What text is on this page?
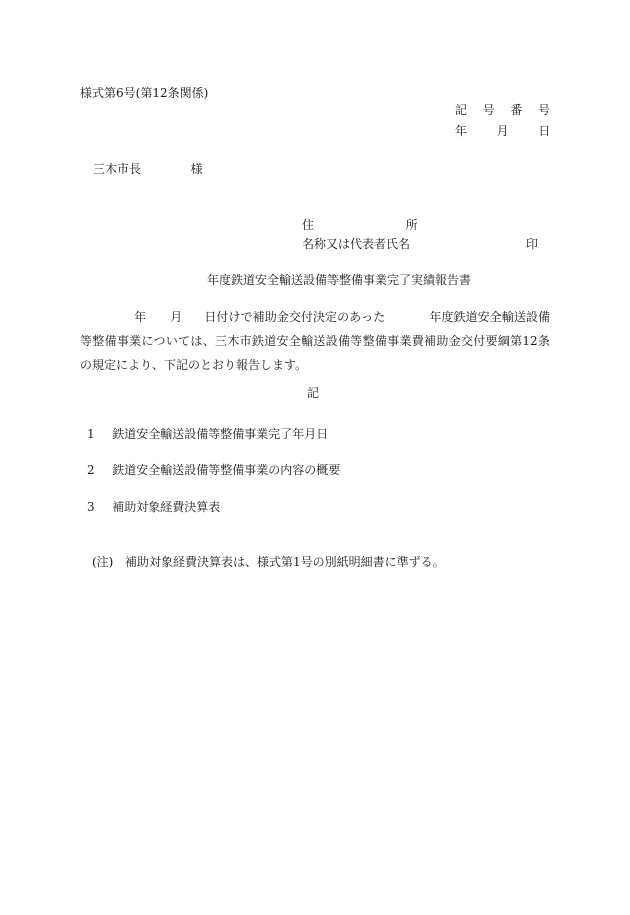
様式第6号(第12条関係)
記 号 番 号
年 月 日
三木市長	様
住	所
名称又は代表者氏名	印
年度鉄道安全輸送設備等整備事業完了実績報告書
年 月 日付けで補助金交付決定のあった	年度鉄道安全輸送設備等整備事業については、三木市鉄道安全輸送設備等整備事業費補助金交付要綱第12条の規定により、下記のとおり報告します。
記
1 鉄道安全輸送設備等整備事業完了年月日
2 鉄道安全輸送設備等整備事業の内容の概要
3 補助対象経費決算表
(注) 補助対象経費決算表は、様式第1号の別紙明細書に準ずる。
